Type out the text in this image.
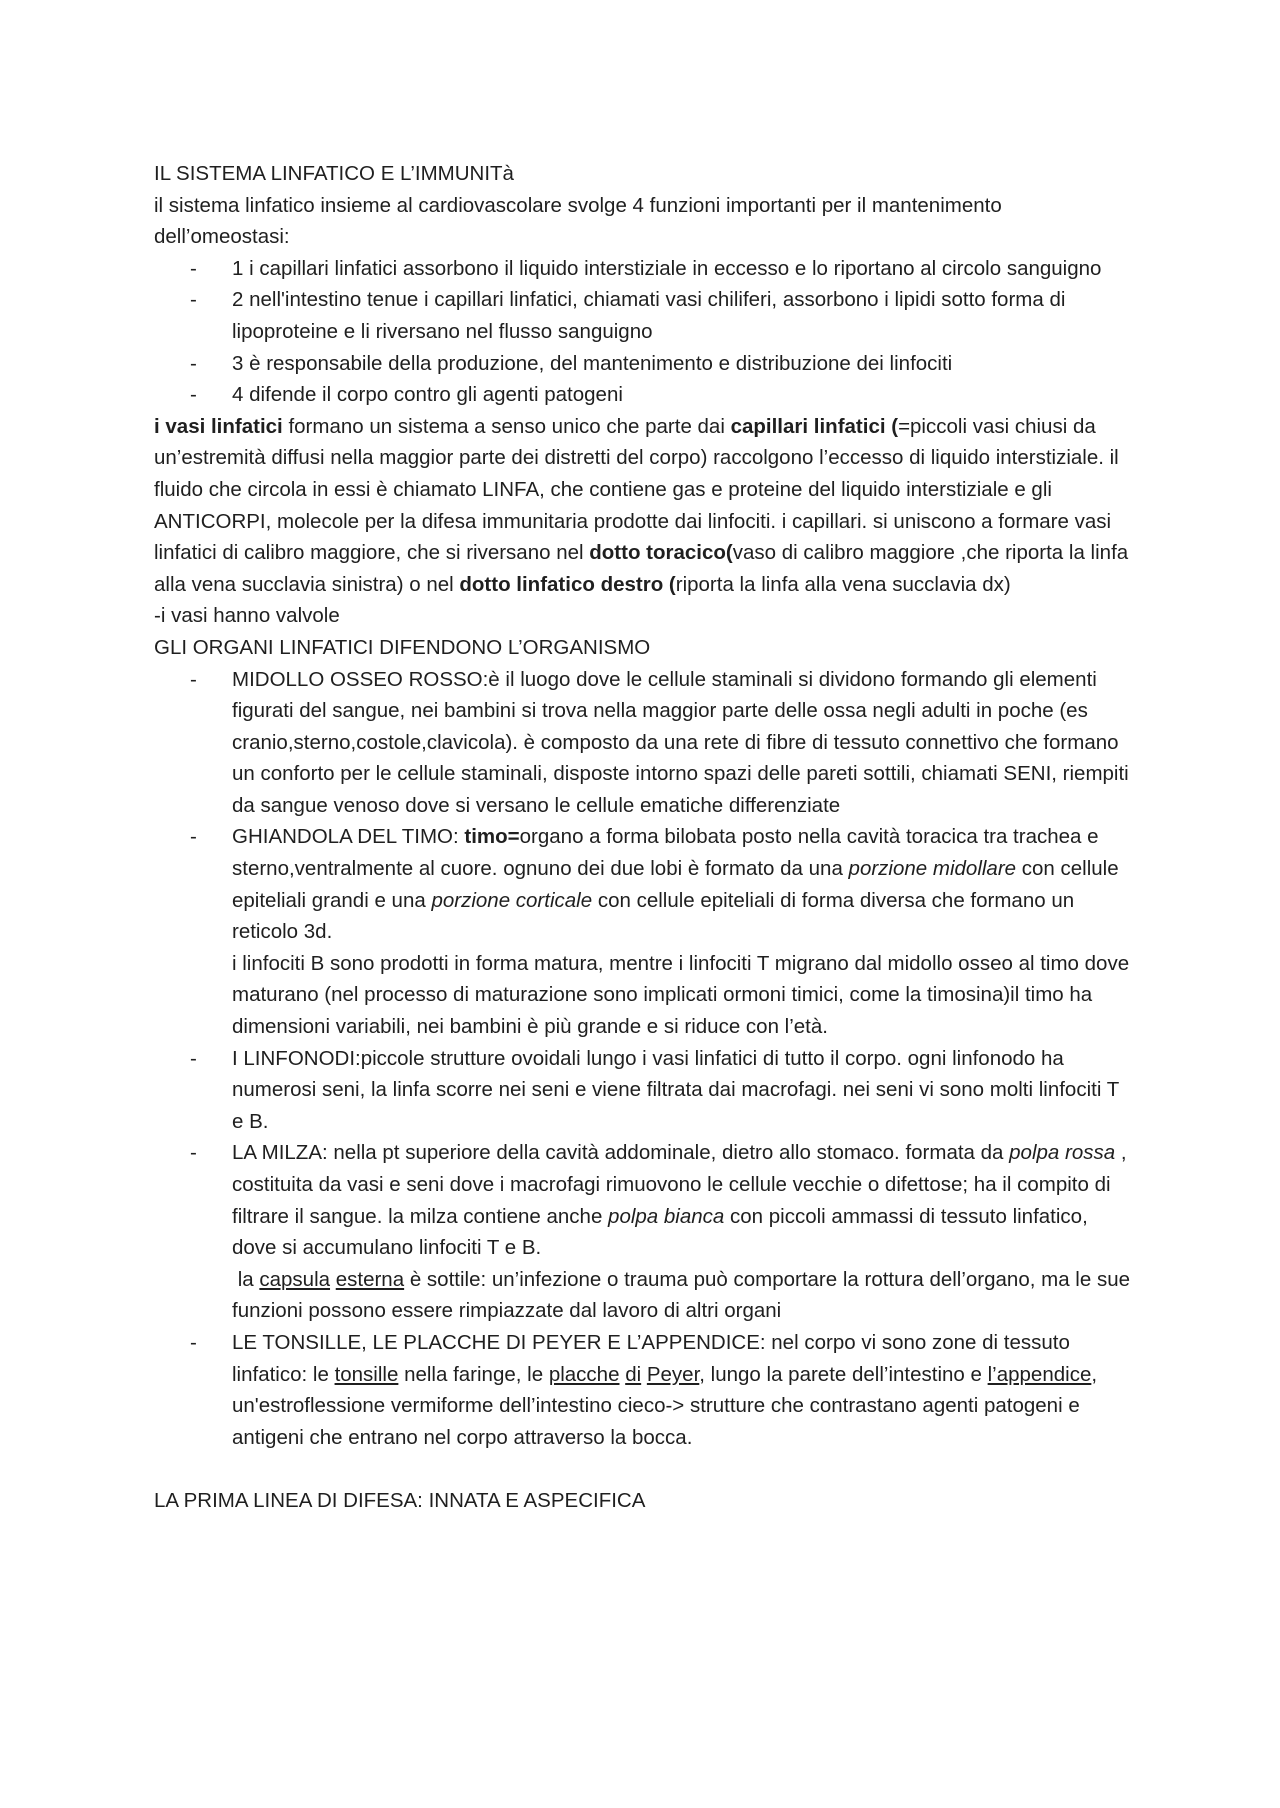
IL SISTEMA LINFATICO E L’IMMUNITà

il sistema linfatico insieme al cardiovascolare svolge 4 funzioni importanti per il mantenimento dell’omeostasi:

- 1 i capillari linfatici assorbono il liquido interstiziale in eccesso e lo riportano al circolo sanguigno
- 2 nell'intestino tenue i capillari linfatici, chiamati vasi chiliferi, assorbono i lipidi sotto forma di lipoproteine e li riversano nel flusso sanguigno
- 3 è responsabile della produzione, del mantenimento e distribuzione dei linfociti
- 4 difende il corpo contro gli agenti patogeni

i vasi linfatici formano un sistema a senso unico che parte dai capillari linfatici (=piccoli vasi chiusi da un’estremità diffusi nella maggior parte dei distretti del corpo) raccolgono l’eccesso di liquido interstiziale. il fluido che circola in essi è chiamato LINFA, che contiene gas e proteine del liquido interstiziale e gli ANTICORPI, molecole per la difesa immunitaria prodotte dai linfociti. i capillari. si uniscono a formare vasi linfatici di calibro maggiore, che si riversano nel dotto toracico(vaso di calibro maggiore ,che riporta la linfa alla vena succlavia sinistra) o nel dotto linfatico destro (riporta la linfa alla vena succlavia dx)

-i vasi hanno valvole

GLI ORGANI LINFATICI DIFENDONO L’ORGANISMO

- MIDOLLO OSSEO ROSSO:è il luogo dove le cellule staminali si dividono formando gli elementi figurati del sangue, nei bambini si trova nella maggior parte delle ossa negli adulti in poche (es cranio,sterno,costole,clavicola). è composto da una rete di fibre di tessuto connettivo che formano un conforto per le cellule staminali, disposte intorno spazi delle pareti sottili, chiamati SENI, riempiti da sangue venoso dove si versano le cellule ematiche differenziate
- GHIANDOLA DEL TIMO: timo=organo a forma bilobata posto nella cavità toracica tra trachea e sterno,ventralmente al cuore. ognuno dei due lobi è formato da una porzione midollare con cellule epiteliali grandi e una porzione corticale con cellule epiteliali di forma diversa che formano un reticolo 3d.
i linfociti B sono prodotti in forma matura, mentre i linfociti T migrano dal midollo osseo al timo dove maturano (nel processo di maturazione sono implicati ormoni timici, come la timosina)il timo ha dimensioni variabili, nei bambini è più grande e si riduce con l’età.
- I LINFONODI:piccole strutture ovoidali lungo i vasi linfatici di tutto il corpo. ogni linfonodo ha numerosi seni, la linfa scorre nei seni e viene filtrata dai macrofagi. nei seni vi sono molti linfociti T e B.
- LA MILZA: nella pt superiore della cavità addominale, dietro allo stomaco. formata da polpa rossa , costituita da vasi e seni dove i macrofagi rimuovono le cellule vecchie o difettose; ha il compito di filtrare il sangue. la milza contiene anche polpa bianca con piccoli ammassi di tessuto linfatico, dove si accumulano linfociti T e B.
la capsula esterna è sottile: un’infezione o trauma può comportare la rottura dell’organo, ma le sue funzioni possono essere rimpiazzate dal lavoro di altri organi
- LE TONSILLE, LE PLACCHE DI PEYER E L’APPENDICE: nel corpo vi sono zone di tessuto linfatico: le tonsille nella faringe, le placche di Peyer, lungo la parete dell’intestino e l’appendice, un'estroflessione vermiforme dell’intestino cieco-> strutture che contrastano agenti patogeni e antigeni che entrano nel corpo attraverso la bocca.

LA PRIMA LINEA DI DIFESA: INNATA E ASPECIFICA
